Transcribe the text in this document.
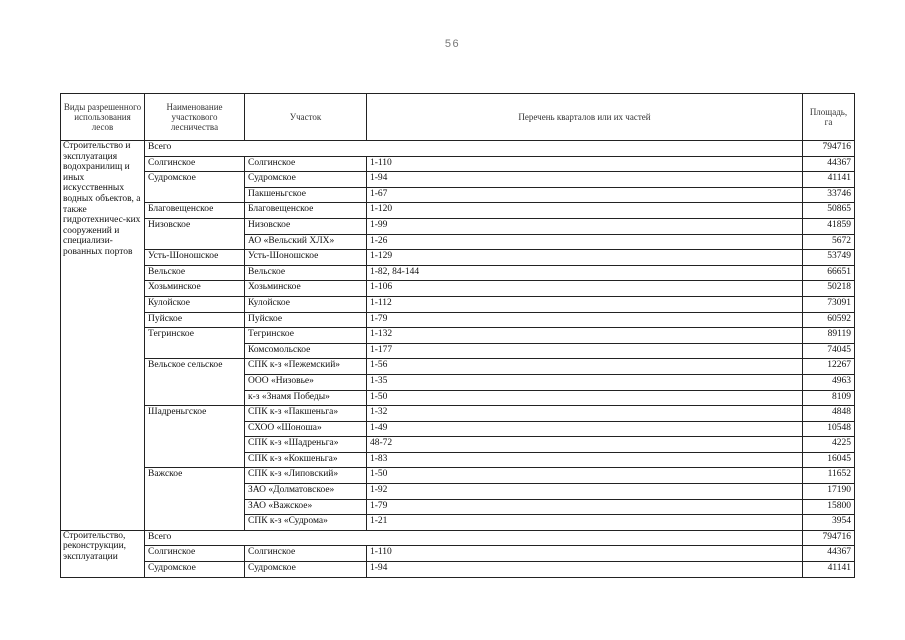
56
Виды разрешенного использования лесов	Наименование участкового лесничества	Участок	Перечень кварталов или их частей	Площадь, га
Строительство и эксплуатация водохранилищ и иных искусственных водных объектов, а также гидротехничес-ких сооружений и специализи-рованных портов	Всего			794716
	Солгинское	Солгинское	1-110	44367
	Судромское	Судромское	1-94	41141
		Пакшеньгское	1-67	33746
	Благовещенское	Благовещенское	1-120	50865
	Низовское	Низовское	1-99	41859
		АО «Вельский ХЛХ»	1-26	5672
	Усть-Шоношское	Усть-Шоношское	1-129	53749
	Вельское	Вельское	1-82, 84-144	66651
	Хозьминское	Хозьминское	1-106	50218
	Кулойское	Кулойское	1-112	73091
	Пуйское	Пуйское	1-79	60592
	Тегринское	Тегринское	1-132	89119
		Комсомольское	1-177	74045
	Вельское сельское	СПК к-з «Пежемский»	1-56	12267
		ООО «Низовье»	1-35	4963
		к-з «Знамя Победы»	1-50	8109
	Шадреньгское	СПК к-з «Пакшеньга»	1-32	4848
		СХОО «Шоноша»	1-49	10548
		СПК к-з «Шадреньга»	48-72	4225
		СПК к-з «Кокшеньга»	1-83	16045
	Важское	СПК к-з «Липовский»	1-50	11652
		ЗАО «Долматовское»	1-92	17190
		ЗАО «Важское»	1-79	15800
		СПК к-з «Судрома»	1-21	3954
Строительство, реконструкции, эксплуатации	Всего			794716
	Солгинское	Солгинское	1-110	44367
	Судромское	Судромское	1-94	41141
